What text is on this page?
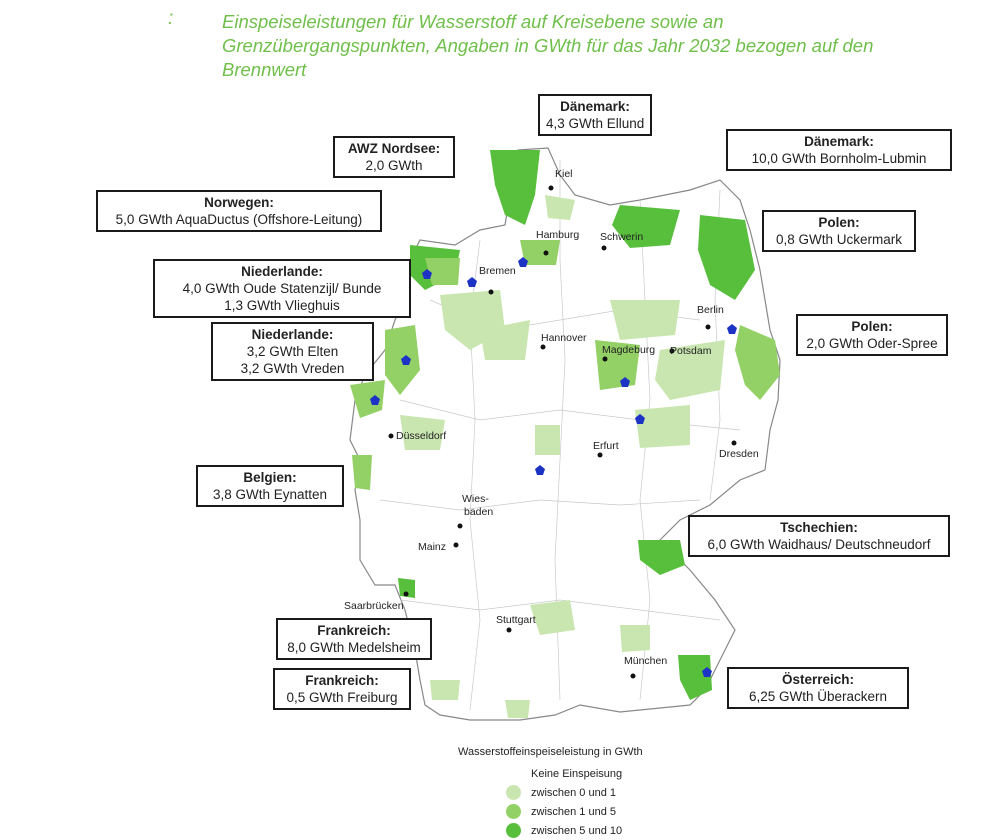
:	Einspeiseleistungen für Wasserstoff auf Kreisebene sowie an Grenzübergangspunkten, Angaben in GWth für das Jahr 2032 bezogen auf den Brennwert
Kiel
Hamburg Schwerin
Bremen
Berlin
Hannover
Magdeburg Potsdam
Düsseldorf
Erfurt
Dresden
Wies-
baden
Mainz
Saarbrücken
Stuttgart
München
Dänemark:
4,3 GWth Ellund
AWZ Nordsee:
2,0 GWth
Dänemark:
10,0 GWth Bornholm-Lubmin
Norwegen:
5,0 GWth AquaDuctus (Offshore-Leitung)	Polen:
0,8 GWth Uckermark
Niederlande:
4,0 GWth Oude Statenzijl/ Bunde
1,3 GWth Vlieghuis
Polen:
2,0 GWth Oder-Spree
Niederlande:
3,2 GWth Elten
3,2 GWth Vreden
Belgien:
3,8 GWth Eynatten
Tschechien:
6,0 GWth Waidhaus/ Deutschneudorf
Frankreich:
8,0 GWth Medelsheim
Frankreich:
0,5 GWth Freiburg
Österreich:
6,25 GWth Überackern
Wasserstoffeinspeiseleistung in GWth
Keine Einspeisung
zwischen 0 und 1
zwischen 1 und 5
zwischen 5 und 10
